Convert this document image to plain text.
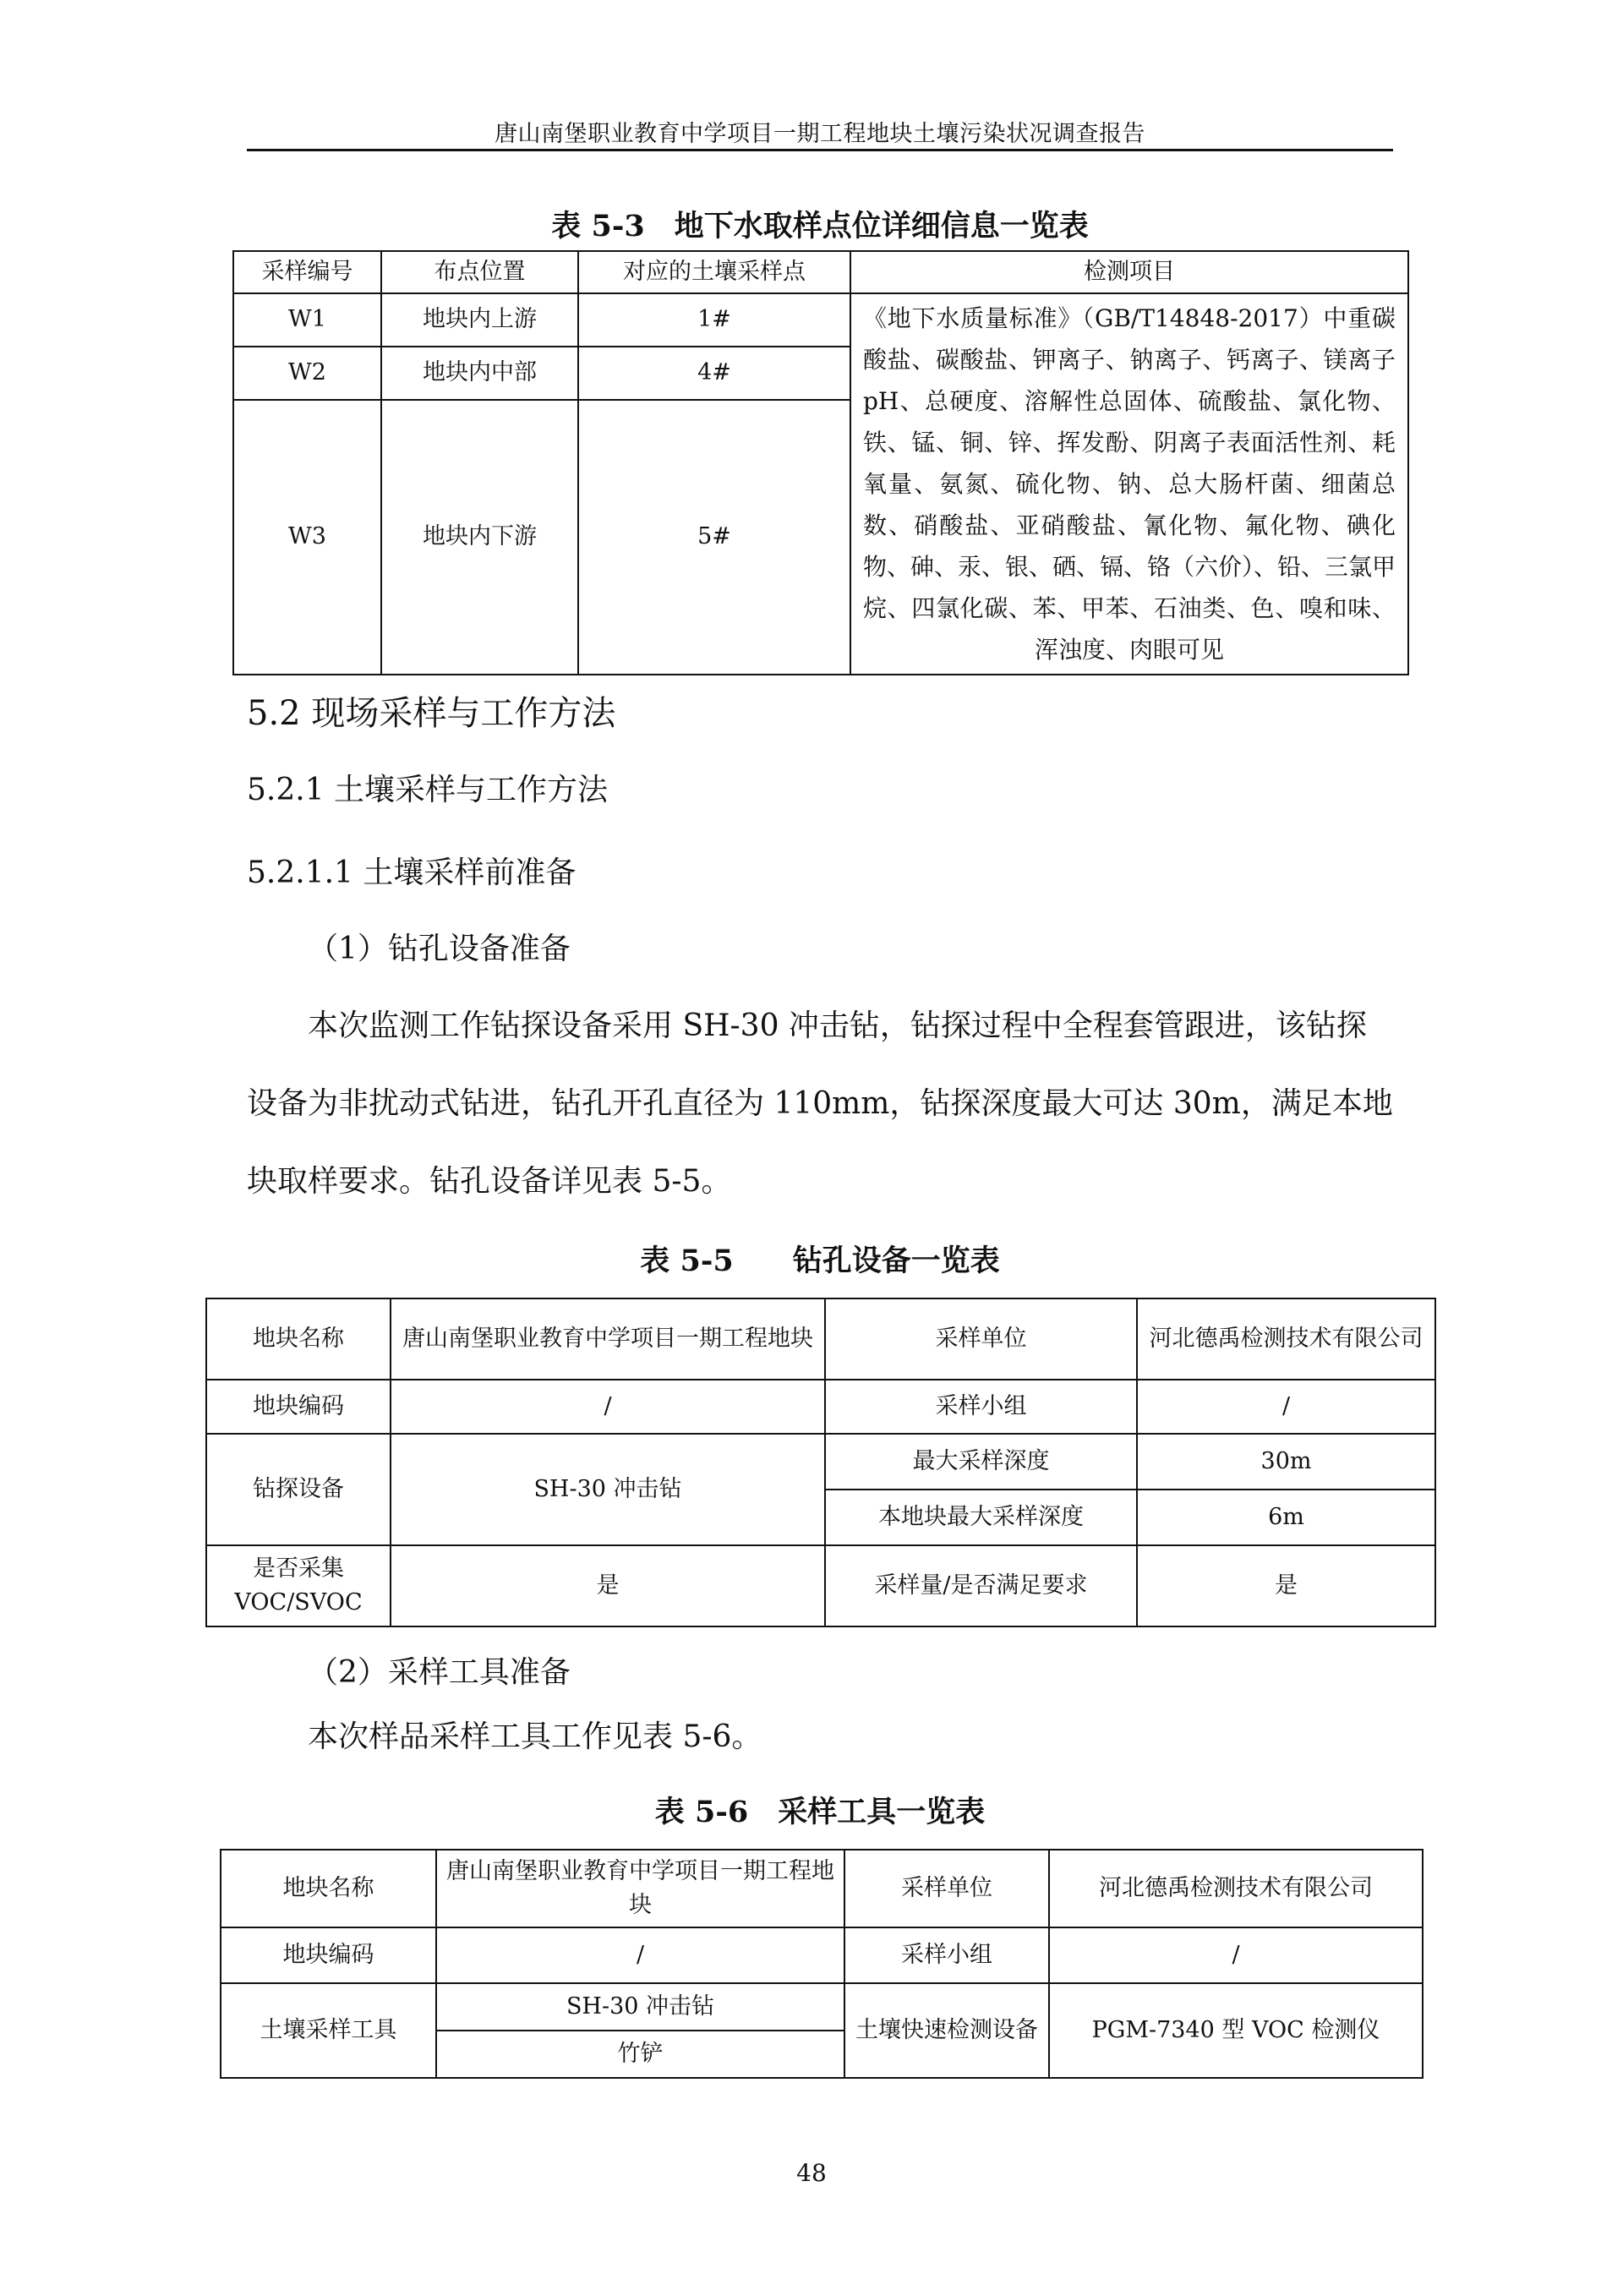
唐山南堡职业教育中学项目一期工程地块土壤污染状况调查报告
表 5-3　地下水取样点位详细信息一览表
采样编号	布点位置	对应的土壤采样点	检测项目
W1	地块内上游	1#	《地下水质量标准》（GB/T14848-2017）中重碳酸盐、碳酸盐、钾离子、钠离子、钙离子、镁离子 pH、总硬度、溶解性总固体、硫酸盐、氯化物、铁、锰、铜、锌、挥发酚、阴离子表面活性剂、耗氧量、氨氮、硫化物、钠、总大肠杆菌、细菌总数、硝酸盐、亚硝酸盐、氰化物、氟化物、碘化物、砷、汞、银、硒、镉、铬（六价）、铅、三氯甲烷、四氯化碳、苯、甲苯、石油类、色、嗅和味、浑浊度、肉眼可见
W2	地块内中部	4#	
W3	地块内下游	5#	
5.2 现场采样与工作方法
5.2.1 土壤采样与工作方法
5.2.1.1 土壤采样前准备
（1）钻孔设备准备

本次监测工作钻探设备采用 SH-30 冲击钻，钻探过程中全程套管跟进，该钻探设备为非扰动式钻进，钻孔开孔直径为 110mm，钻探深度最大可达 30m，满足本地块取样要求。钻孔设备详见表 5-5。

表 5-5　　钻孔设备一览表
地块名称	唐山南堡职业教育中学项目一期工程地块	采样单位	河北德禹检测技术有限公司
地块编码	/	采样小组	/
钻探设备	SH-30 冲击钻	最大采样深度	30m
		本地块最大采样深度	6m
是否采集VOC/SVOC	是	采样量/是否满足要求	是
（2）采样工具准备
本次样品采样工具工作见表 5-6。
表 5-6　采样工具一览表
地块名称	唐山南堡职业教育中学项目一期工程地块	采样单位	河北德禹检测技术有限公司
地块编码	/	采样小组	/
土壤采样工具	SH-30 冲击钻	土壤快速检测设备	PGM-7340 型 VOC 检测仪
	竹铲		
48
